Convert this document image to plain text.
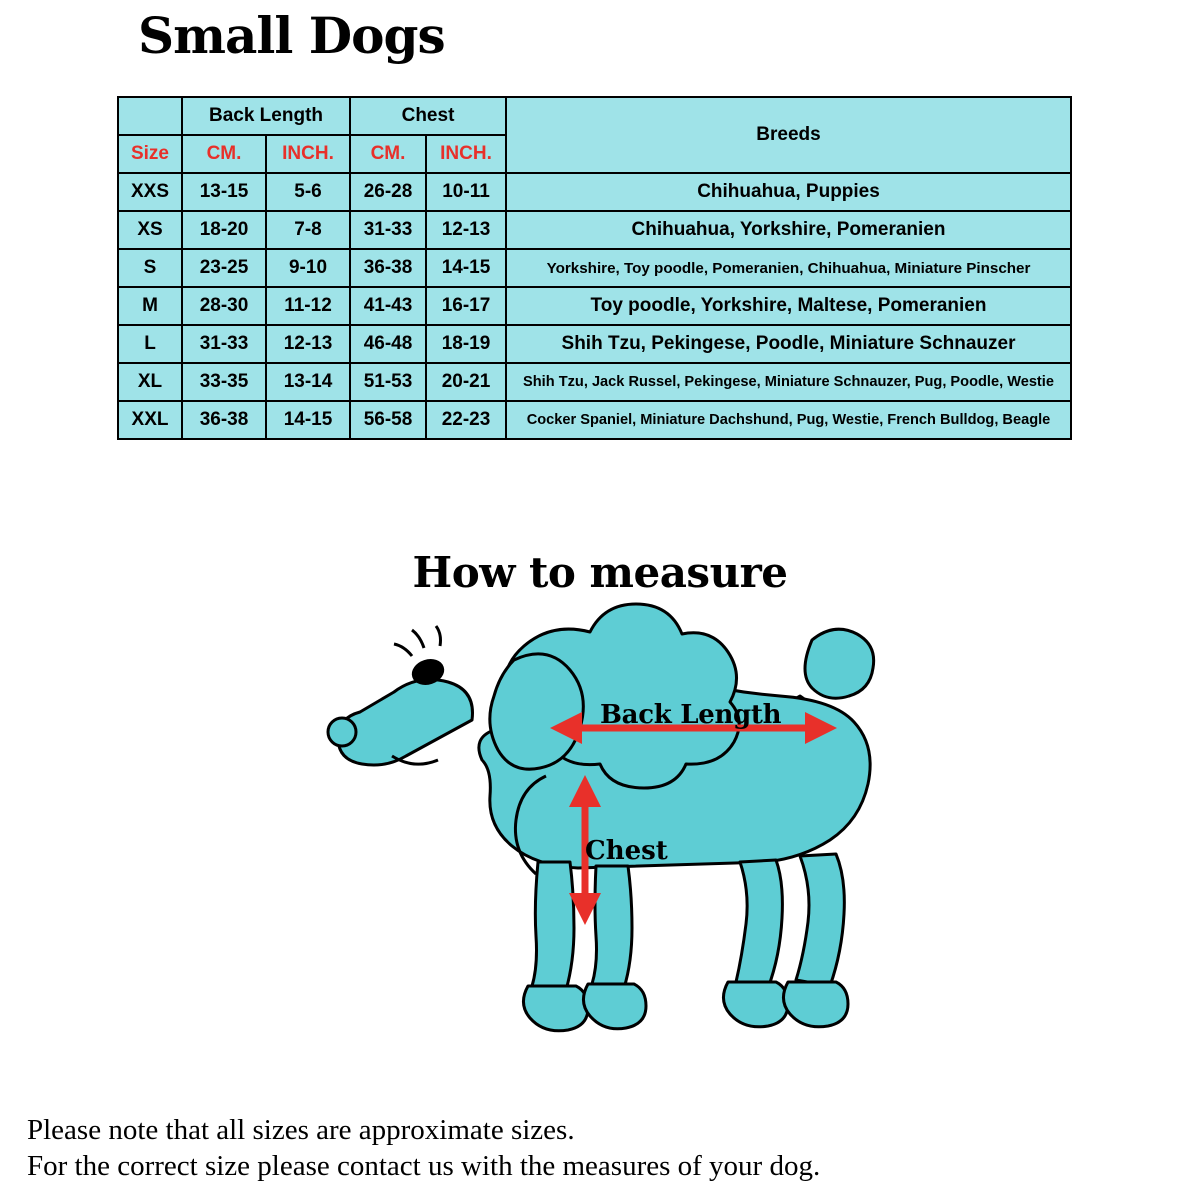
Small Dogs
	Back Length		Chest		Breeds
Size	CM.	INCH.	CM.	INCH.	
XXS	13-15	5-6	26-28	10-11	Chihuahua, Puppies
XS	18-20	7-8	31-33	12-13	Chihuahua, Yorkshire, Pomeranien
S	23-25	9-10	36-38	14-15	Yorkshire, Toy poodle, Pomeranien, Chihuahua, Miniature Pinscher
M	28-30	11-12	41-43	16-17	Toy poodle, Yorkshire, Maltese, Pomeranien
L	31-33	12-13	46-48	18-19	Shih Tzu, Pekingese, Poodle, Miniature Schnauzer
XL	33-35	13-14	51-53	20-21	Shih Tzu, Jack Russel, Pekingese, Miniature Schnauzer, Pug, Poodle, Westie
XXL	36-38	14-15	56-58	22-23	Cocker Spaniel, Miniature Dachshund, Pug, Westie, French Bulldog, Beagle
How to measure
Back Length
Chest
Please note that all sizes are approximate sizes.
For the correct size please contact us with the measures of your dog.
